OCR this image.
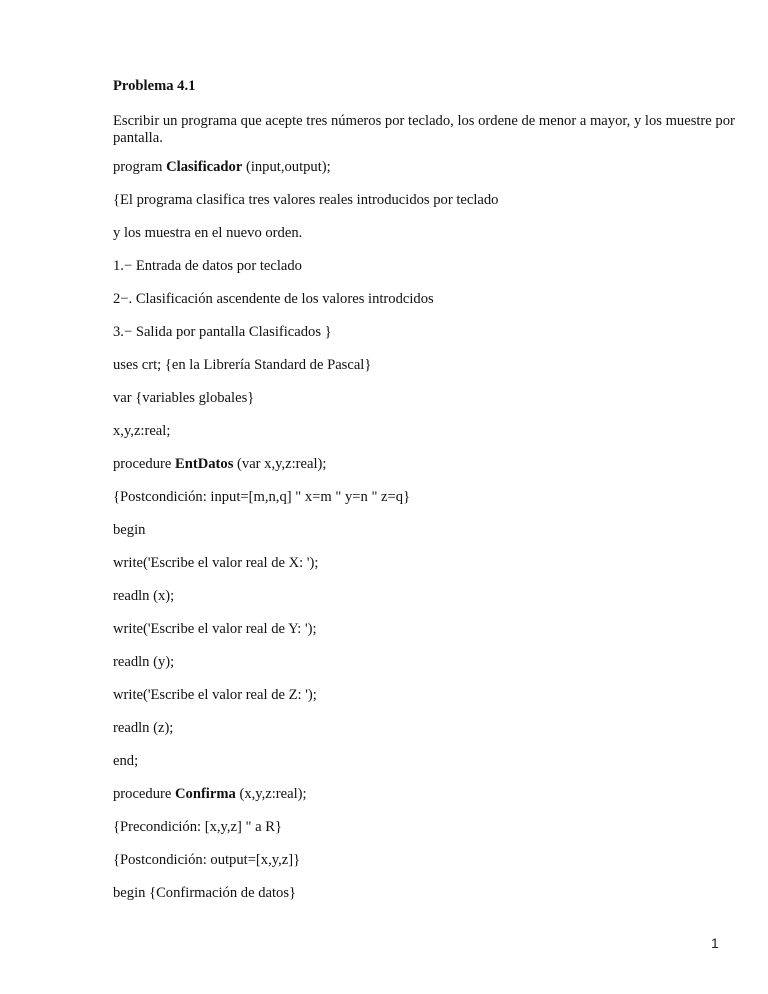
Problema 4.1

Escribir un programa que acepte tres números por teclado, los ordene de menor a mayor, y los muestre por
pantalla.

program Clasificador (input,output);

{El programa clasifica tres valores reales introducidos por teclado

y los muestra en el nuevo orden.

1.− Entrada de datos por teclado

2−. Clasificación ascendente de los valores introdcidos

3.− Salida por pantalla Clasificados }

uses crt; {en la Librería Standard de Pascal}

var {variables globales}

x,y,z:real;

procedure EntDatos (var x,y,z:real);

{Postcondición: input=[m,n,q] " x=m " y=n " z=q}

begin

write('Escribe el valor real de X: ');

readln (x);

write('Escribe el valor real de Y: ');

readln (y);

write('Escribe el valor real de Z: ');

readln (z);

end;

procedure Confirma (x,y,z:real);

{Precondición: [x,y,z] " a R}

{Postcondición: output=[x,y,z]}

begin {Confirmación de datos}

1
